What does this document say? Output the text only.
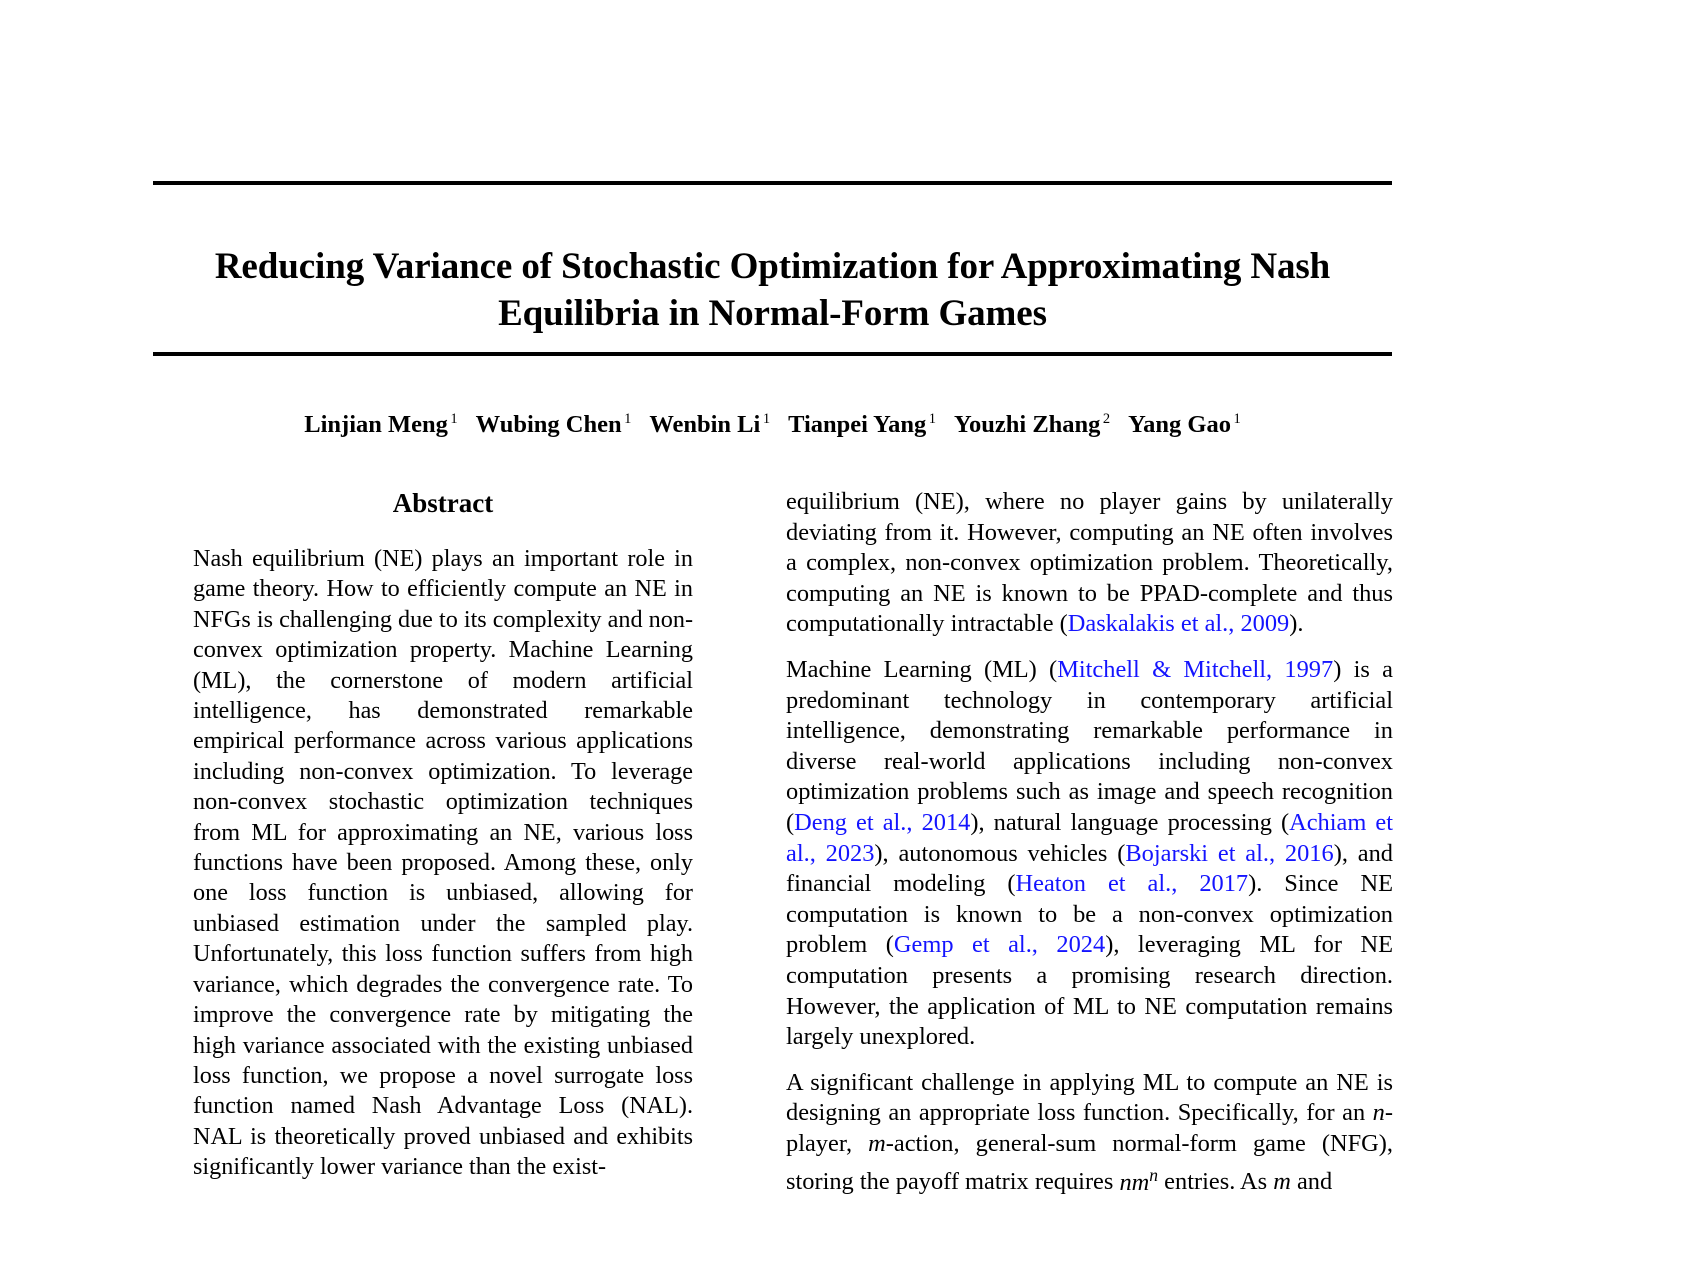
Reducing Variance of Stochastic Optimization for Approximating Nash Equilibria in Normal-Form Games
Linjian Meng $^1$ Wubing Chen $^1$ Wenbin Li $^1$ Tianpei Yang $^1$ Youzhi Zhang $^2$ Yang Gao $^1$
Abstract

Nash equilibrium (NE) plays an important role in game theory. How to efficiently compute an NE in NFGs is challenging due to its complexity and non-convex optimization property. Machine Learning (ML), the cornerstone of modern artificial intelligence, has demonstrated remarkable empirical performance across various applications including non-convex optimization. To leverage non-convex stochastic optimization techniques from ML for approximating an NE, various loss functions have been proposed. Among these, only one loss function is unbiased, allowing for unbiased estimation under the sampled play. Unfortunately, this loss function suffers from high variance, which degrades the convergence rate. To improve the convergence rate by mitigating the high variance associated with the existing unbiased loss function, we propose a novel surrogate loss function named Nash Advantage Loss (NAL). NAL is theoretically proved unbiased and exhibits significantly lower variance than the exist-

equilibrium (NE), where no player gains by unilaterally deviating from it. However, computing an NE often involves a complex, non-convex optimization problem. Theoretically, computing an NE is known to be PPAD-complete and thus computationally intractable (Daskalakis et al., 2009).

Machine Learning (ML) (Mitchell & Mitchell, 1997) is a predominant technology in contemporary artificial intelligence, demonstrating remarkable performance in diverse real-world applications including non-convex optimization problems such as image and speech recognition (Deng et al., 2014), natural language processing (Achiam et al., 2023), autonomous vehicles (Bojarski et al., 2016), and financial modeling (Heaton et al., 2017). Since NE computation is known to be a non-convex optimization problem (Gemp et al., 2024), leveraging ML for NE computation presents a promising research direction. However, the application of ML to NE computation remains largely unexplored.

A significant challenge in applying ML to compute an NE is designing an appropriate loss function. Specifically, for an n-player, m-action, general-sum normal-form game (NFG), storing the payoff matrix requires $nm^n$ entries. As m and
